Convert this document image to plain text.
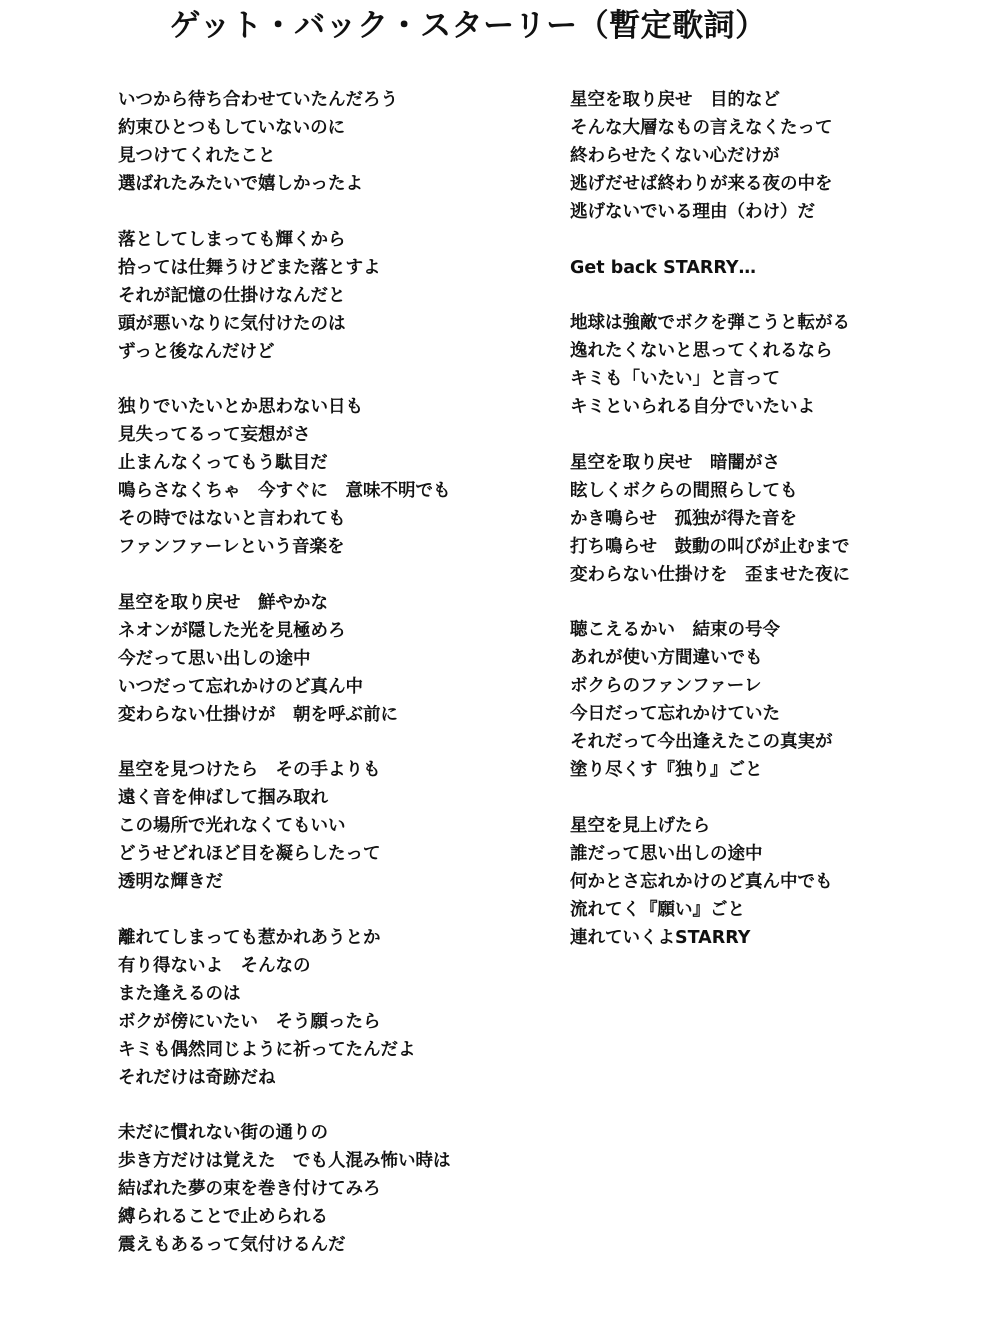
ゲット・バック・スターリー（暫定歌詞）
いつから待ち合わせていたんだろう
約束ひとつもしていないのに
見つけてくれたこと
選ばれたみたいで嬉しかったよ
落としてしまっても輝くから
拾っては仕舞うけどまた落とすよ
それが記憶の仕掛けなんだと
頭が悪いなりに気付けたのは
ずっと後なんだけど
独りでいたいとか思わない日も
見失ってるって妄想がさ
止まんなくってもう駄目だ
鳴らさなくちゃ　今すぐに　意味不明でも
その時ではないと言われても
ファンファーレという音楽を
星空を取り戻せ　鮮やかな
ネオンが隠した光を見極めろ
今だって思い出しの途中
いつだって忘れかけのど真ん中
変わらない仕掛けが　朝を呼ぶ前に
星空を見つけたら　その手よりも
遠く音を伸ばして掴み取れ
この場所で光れなくてもいい
どうせどれほど目を凝らしたって
透明な輝きだ
離れてしまっても惹かれあうとか
有り得ないよ　そんなの
また逢えるのは
ボクが傍にいたい　そう願ったら
キミも偶然同じように祈ってたんだよ
それだけは奇跡だね
未だに慣れない街の通りの
歩き方だけは覚えた　でも人混み怖い時は
結ばれた夢の束を巻き付けてみろ
縛られることで止められる
震えもあるって気付けるんだ
星空を取り戻せ　目的など
そんな大層なもの言えなくたって
終わらせたくない心だけが
逃げだせば終わりが来る夜の中を
逃げないでいる理由（わけ）だ
Get back STARRY…
地球は強敵でボクを弾こうと転がる
逸れたくないと思ってくれるなら
キミも「いたい」と言って
キミといられる自分でいたいよ
星空を取り戻せ　暗闇がさ
眩しくボクらの間照らしても
かき鳴らせ　孤独が得た音を
打ち鳴らせ　鼓動の叫びが止むまで
変わらない仕掛けを　歪ませた夜に
聴こえるかい　結束の号令
あれが使い方間違いでも
ボクらのファンファーレ
今日だって忘れかけていた
それだって今出逢えたこの真実が
塗り尽くす『独り』ごと
星空を見上げたら
誰だって思い出しの途中
何かとさ忘れかけのど真ん中でも
流れてく『願い』ごと
連れていくよSTARRY
